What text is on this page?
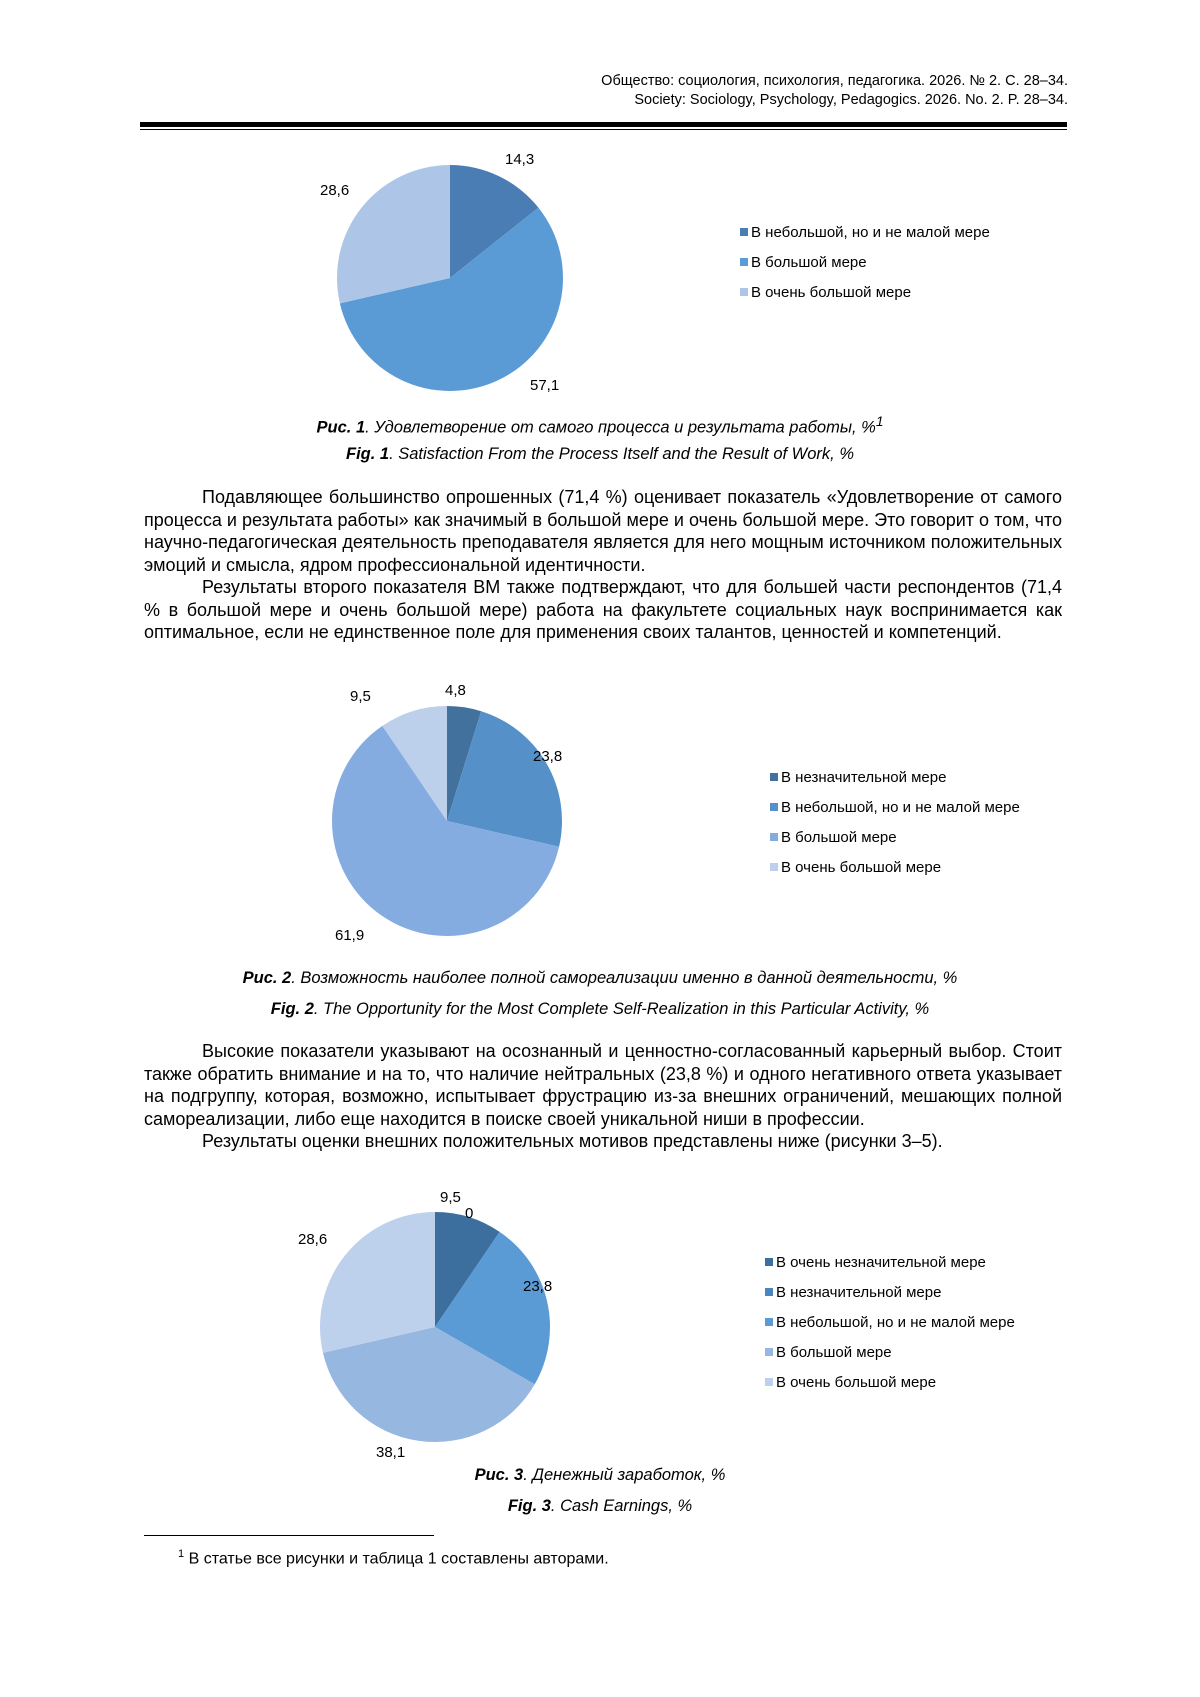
Общество: социология, психология, педагогика. 2026. № 2. С. 28–34.
Society: Sociology, Psychology, Pedagogics. 2026. No. 2. P. 28–34.
14,3
57,1
28,6
В небольшой, но и не малой мере
В большой мере
В очень большой мере
Рис. 1. Удовлетворение от самого процесса и результата работы, %$^1$
Fig. 1. Satisfaction From the Process Itself and the Result of Work, %

Подавляющее большинство опрошенных (71,4 %) оценивает показатель «Удовлетворение от самого процесса и результата работы» как значимый в большой мере и очень большой мере. Это говорит о том, что научно-педагогическая деятельность преподавателя является для него мощным источником положительных эмоций и смысла, ядром профессиональной идентичности.

Результаты второго показателя ВМ также подтверждают, что для большей части респондентов (71,4 % в большой мере и очень большой мере) работа на факультете социальных наук воспринимается как оптимальное, если не единственное поле для применения своих талантов, ценностей и компетенций.

4,8
23,8
61,9
9,5
В незначительной мере
В небольшой, но и не малой мере
В большой мере
В очень большой мере
Рис. 2. Возможность наиболее полной самореализации именно в данной деятельности, %
Fig. 2. The Opportunity for the Most Complete Self-Realization in this Particular Activity, %

Высокие показатели указывают на осознанный и ценностно-согласованный карьерный выбор. Стоит также обратить внимание и на то, что наличие нейтральных (23,8 %) и одного негативного ответа указывает на подгруппу, которая, возможно, испытывает фрустрацию из-за внешних ограничений, мешающих полной самореализации, либо еще находится в поиске своей уникальной ниши в профессии.

Результаты оценки внешних положительных мотивов представлены ниже (рисунки 3–5).

9,5
0
23,8
38,1
28,6
В очень незначительной мере
В незначительной мере
В небольшой, но и не малой мере
В большой мере
В очень большой мере
Рис. 3. Денежный заработок, %
Fig. 3. Cash Earnings, %
$^1$ В статье все рисунки и таблица 1 составлены авторами.
